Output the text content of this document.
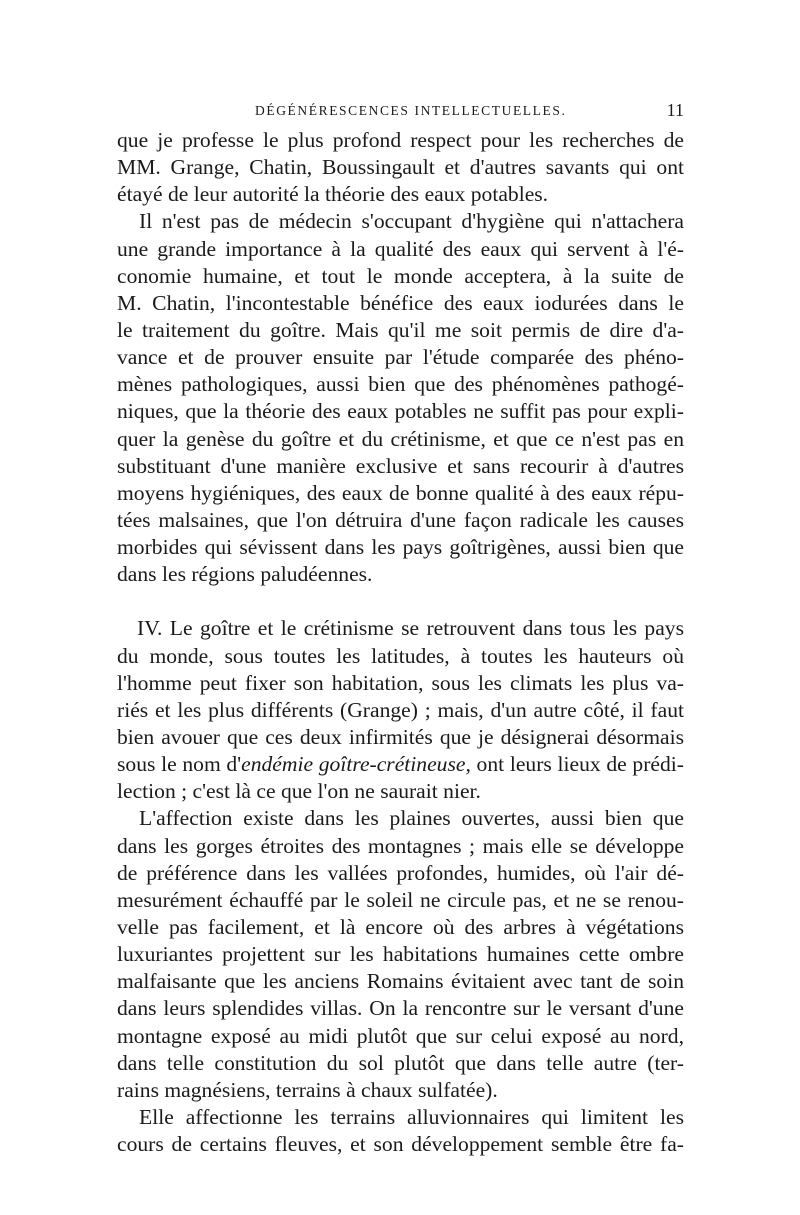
DÉGÉNÉRESCENCES INTELLECTUELLES.	11
que je professe le plus profond respect pour les recherches de
MM. Grange, Chatin, Boussingault et d'autres savants qui ont
étayé de leur autorité la théorie des eaux potables.
Il n'est pas de médecin s'occupant d'hygiène qui n'attachera
une grande importance à la qualité des eaux qui servent à l'é-
conomie humaine, et tout le monde acceptera, à la suite de
M. Chatin, l'incontestable bénéfice des eaux iodurées dans le
le traitement du goître. Mais qu'il me soit permis de dire d'a-
vance et de prouver ensuite par l'étude comparée des phéno-
mènes pathologiques, aussi bien que des phénomènes pathogé-
niques, que la théorie des eaux potables ne suffit pas pour expli-
quer la genèse du goître et du crétinisme, et que ce n'est pas en
substituant d'une manière exclusive et sans recourir à d'autres
moyens hygiéniques, des eaux de bonne qualité à des eaux répu-
tées malsaines, que l'on détruira d'une façon radicale les causes
morbides qui sévissent dans les pays goîtrigènes, aussi bien que
dans les régions paludéennes.
IV. Le goître et le crétinisme se retrouvent dans tous les pays
du monde, sous toutes les latitudes, à toutes les hauteurs où
l'homme peut fixer son habitation, sous les climats les plus va-
riés et les plus différents (Grange) ; mais, d'un autre côté, il faut
bien avouer que ces deux infirmités que je désignerai désormais
sous le nom d'endémie goître-crétineuse, ont leurs lieux de prédi-
lection ; c'est là ce que l'on ne saurait nier.
L'affection existe dans les plaines ouvertes, aussi bien que
dans les gorges étroites des montagnes ; mais elle se développe
de préférence dans les vallées profondes, humides, où l'air dé-
mesurément échauffé par le soleil ne circule pas, et ne se renou-
velle pas facilement, et là encore où des arbres à végétations
luxuriantes projettent sur les habitations humaines cette ombre
malfaisante que les anciens Romains évitaient avec tant de soin
dans leurs splendides villas. On la rencontre sur le versant d'une
montagne exposé au midi plutôt que sur celui exposé au nord,
dans telle constitution du sol plutôt que dans telle autre (ter-
rains magnésiens, terrains à chaux sulfatée).
Elle affectionne les terrains alluvionnaires qui limitent les
cours de certains fleuves, et son développement semble être fa-
